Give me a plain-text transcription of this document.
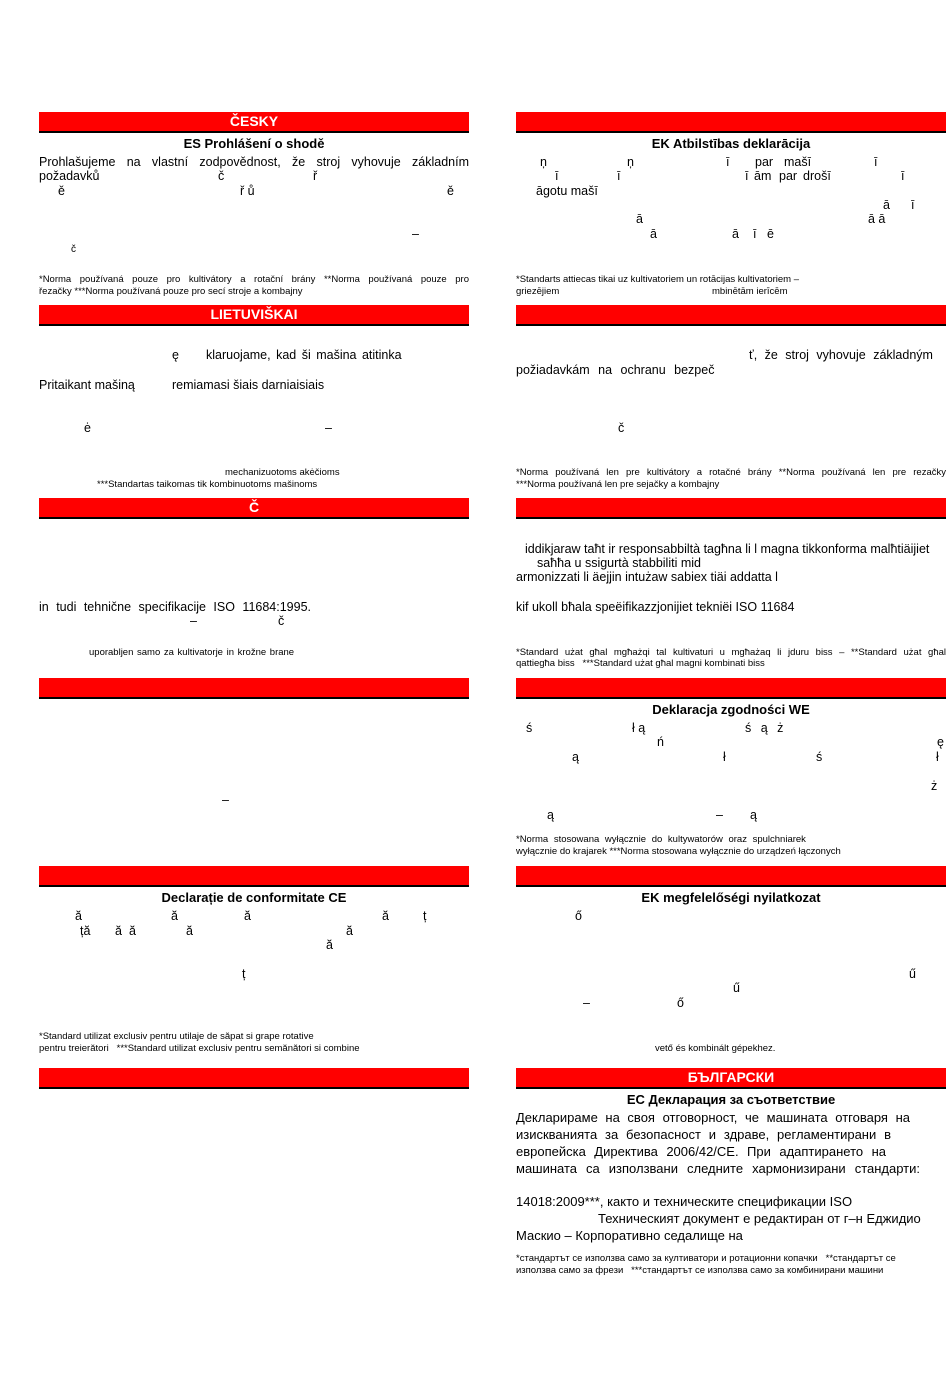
ČESKY
ES Prohlášení o shodě
Prohlašujeme na vlastní zodpovědnost, že stroj vyhovuje základním
požadavků	č	ř
ě	ř ů	ě
–
č
*Norma používaná pouze pro kultivátory a rotační brány **Norma používaná pouze pro
řezačky ***Norma používaná pouze pro secí stroje a kombajny
LIETUVIŠKAI
ę klaruojame, kad ši mašina atitinka
Pritaikant mašiną	remiamasi šiais darniaisiais
ė	–
mechanizuotoms akėčioms
***Standartas taikomas tik kombinuotoms mašinoms
Č
in tudi tehnične specifikacije ISO 11684:1995.
–	č
uporabljen samo za kultivatorje in krožne brane
–
Declarație de conformitate CE
ă	ă	ă	ă	ț
ță ă ă	ă	ă
ă
ț
*Standard utilizat exclusiv pentru utilaje de săpat si grape rotative
pentru treierători   ***Standard utilizat exclusiv pentru semănători si combine
EK Atbilstības deklarācija
ņ	ņ	ī par mašī	ī
ī	ī	ī ām par drošī	ī
āgotu mašī
ā ī
ā	ā ā
ā	ā ī ē
*Standarts attiecas tikai uz kultivatoriem un rotācijas kultivatoriem –
griezējiem	mbinētām ierīcēm
ť, že stroj vyhovuje základným
požiadavkám na ochranu bezpeč
č
*Norma používaná len pre kultivátory a rotačné brány **Norma používaná len pre rezačky
***Norma používaná len pre sejačky a kombajny
iddikjaraw taħt ir responsabbiltà tagħna li l magna tikkonforma malħtiäijiet
saħħa u ssigurtà stabbiliti mid
armonizzati li äejjin intużaw sabiex tiäi addatta l
kif ukoll bħala speëifikazzjonijiet tekniëi ISO 11684
*Standard użat għal mgħażqi tal kultivaturi u mgħażaq li jduru biss – **Standard użat għal
qattiegħa biss   ***Standard użat għal magni kombinati biss
Deklaracja zgodności WE
ś	ł ą	ś ą ż
ń	ę
ą	ł	ś	ł
ż
ą	– ą
*Norma stosowana wyłącznie do kultywatorów oraz spulchniarek
wyłącznie do krajarek ***Norma stosowana wyłącznie do urządzeń łączonych
EK megfelelőségi nyilatkozat
ő
ű
ű
–	ő
vető és kombinált gépekhez.
БЪЛГАРСКИ
ЕС Декларация за съответствие
Декларираме на своя отговорност, че машината отговаря на
изискванията за безопасност и здраве, регламентирани в
европейска Директива 2006/42/CE. При адаптирането на
машината са използвани следните хармонизирани стандарти:
14018:2009***, както и техническите спецификации ISO
Техническият документ е редактиран от г–н Еджидио
Маскио – Корпоративно седалище на
*стандартът се използва само за култиватори и ротационни копачки   **стандартът се
използва само за фрези   ***стандартът се използва само за комбинирани машини
